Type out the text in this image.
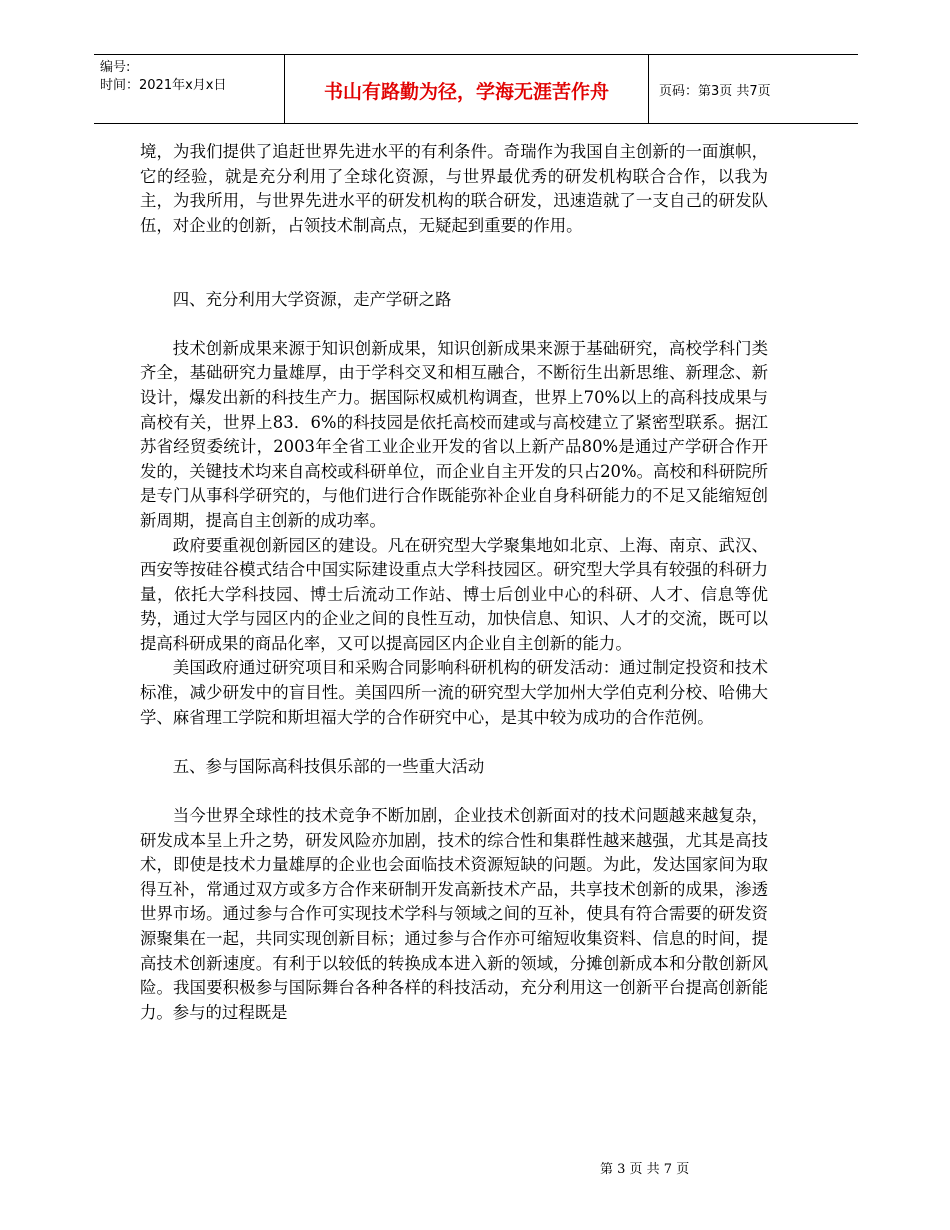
编号:
时间：2021年x月x日	书山有路勤为径，学海无涯苦作舟	页码：第3页 共7页

境，为我们提供了追赶世界先进水平的有利条件。奇瑞作为我国自主创新的一面旗帜，它的经验，就是充分利用了全球化资源，与世界最优秀的研发机构联合合作，以我为主，为我所用，与世界先进水平的研发机构的联合研发，迅速造就了一支自己的研发队伍，对企业的创新，占领技术制高点，无疑起到重要的作用。

四、充分利用大学资源，走产学研之路

技术创新成果来源于知识创新成果，知识创新成果来源于基础研究，高校学科门类齐全，基础研究力量雄厚，由于学科交叉和相互融合，不断衍生出新思维、新理念、新设计，爆发出新的科技生产力。据国际权威机构调查，世界上70%以上的高科技成果与高校有关，世界上83．6%的科技园是依托高校而建或与高校建立了紧密型联系。据江苏省经贸委统计，2003年全省工业企业开发的省以上新产品80%是通过产学研合作开发的，关键技术均来自高校或科研单位，而企业自主开发的只占20%。高校和科研院所是专门从事科学研究的，与他们进行合作既能弥补企业自身科研能力的不足又能缩短创新周期，提高自主创新的成功率。

政府要重视创新园区的建设。凡在研究型大学聚集地如北京、上海、南京、武汉、西安等按硅谷模式结合中国实际建设重点大学科技园区。研究型大学具有较强的科研力量，依托大学科技园、博士后流动工作站、博士后创业中心的科研、人才、信息等优势，通过大学与园区内的企业之间的良性互动，加快信息、知识、人才的交流，既可以提高科研成果的商品化率，又可以提高园区内企业自主创新的能力。

美国政府通过研究项目和采购合同影响科研机构的研发活动：通过制定投资和技术标准，减少研发中的盲目性。美国四所一流的研究型大学加州大学伯克利分校、哈佛大学、麻省理工学院和斯坦福大学的合作研究中心，是其中较为成功的合作范例。

五、参与国际高科技俱乐部的一些重大活动

当今世界全球性的技术竞争不断加剧，企业技术创新面对的技术问题越来越复杂，研发成本呈上升之势，研发风险亦加剧，技术的综合性和集群性越来越强，尤其是高技术，即使是技术力量雄厚的企业也会面临技术资源短缺的问题。为此，发达国家间为取得互补，常通过双方或多方合作来研制开发高新技术产品，共享技术创新的成果，渗透世界市场。通过参与合作可实现技术学科与领域之间的互补，使具有符合需要的研发资源聚集在一起，共同实现创新目标；通过参与合作亦可缩短收集资料、信息的时间，提高技术创新速度。有利于以较低的转换成本进入新的领域，分摊创新成本和分散创新风险。我国要积极参与国际舞台各种各样的科技活动，充分利用这一创新平台提高创新能力。参与的过程既是

第 3 页 共 7 页
